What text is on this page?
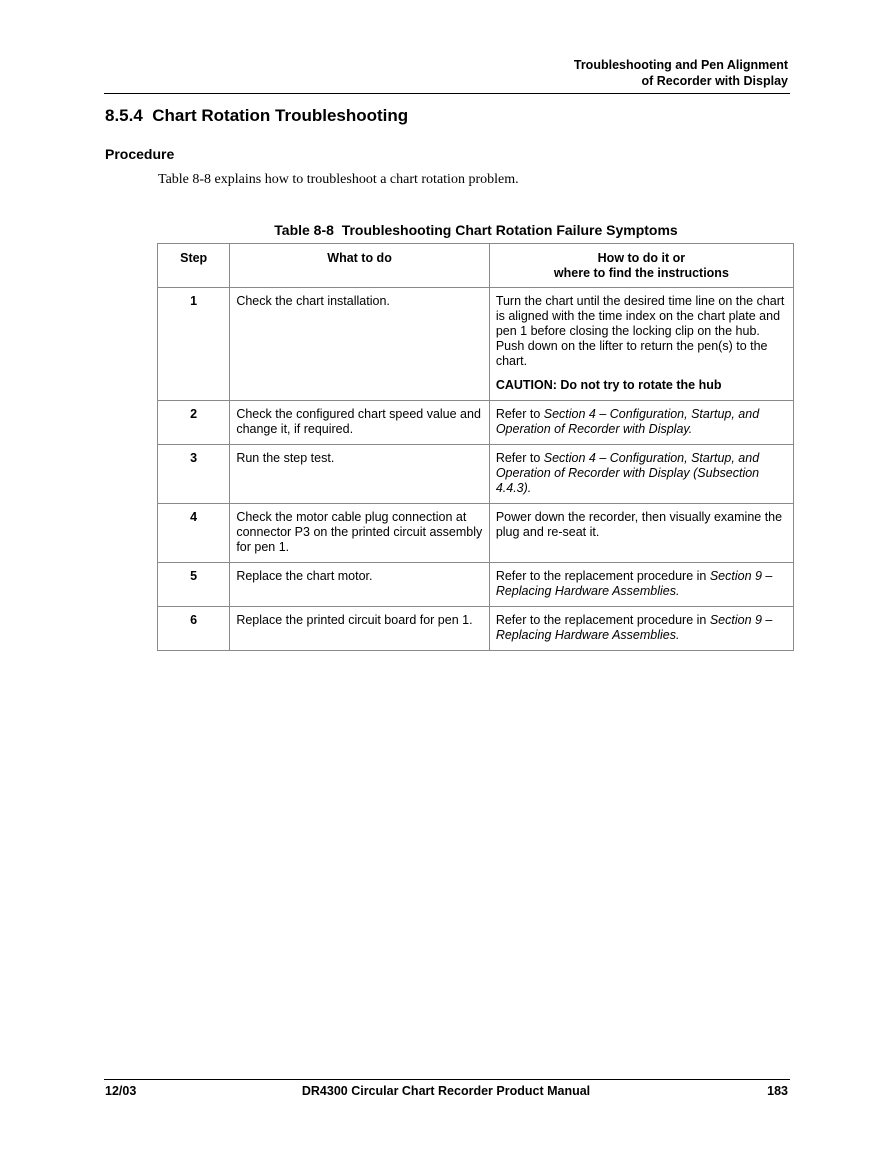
Troubleshooting and Pen Alignment
of Recorder with Display
8.5.4  Chart Rotation Troubleshooting
Procedure
Table 8-8 explains how to troubleshoot a chart rotation problem.
Table 8-8  Troubleshooting Chart Rotation Failure Symptoms
Step	What to do	How to do it or
where to find the instructions

1	Check the chart installation.	Turn the chart until the desired time line on the chart is aligned with the time index on the chart plate and pen 1 before closing the locking clip on the hub. Push down on the lifter to return the pen(s) to the chart.
CAUTION: Do not try to rotate the hub

2	Check the configured chart speed value and change it, if required.	Refer to Section 4 – Configuration, Startup, and Operation of Recorder with Display.
3	Run the step test.	Refer to Section 4 – Configuration, Startup, and Operation of Recorder with Display (Subsection 4.4.3).
4	Check the motor cable plug connection at connector P3 on the printed circuit assembly for pen 1.	Power down the recorder, then visually examine the plug and re-seat it.
5	Replace the chart motor.	Refer to the replacement procedure in Section 9 – Replacing Hardware Assemblies.
6	Replace the printed circuit board for pen 1.	Refer to the replacement procedure in Section 9 – Replacing Hardware Assemblies.
12/03	DR4300 Circular Chart Recorder Product Manual	183
